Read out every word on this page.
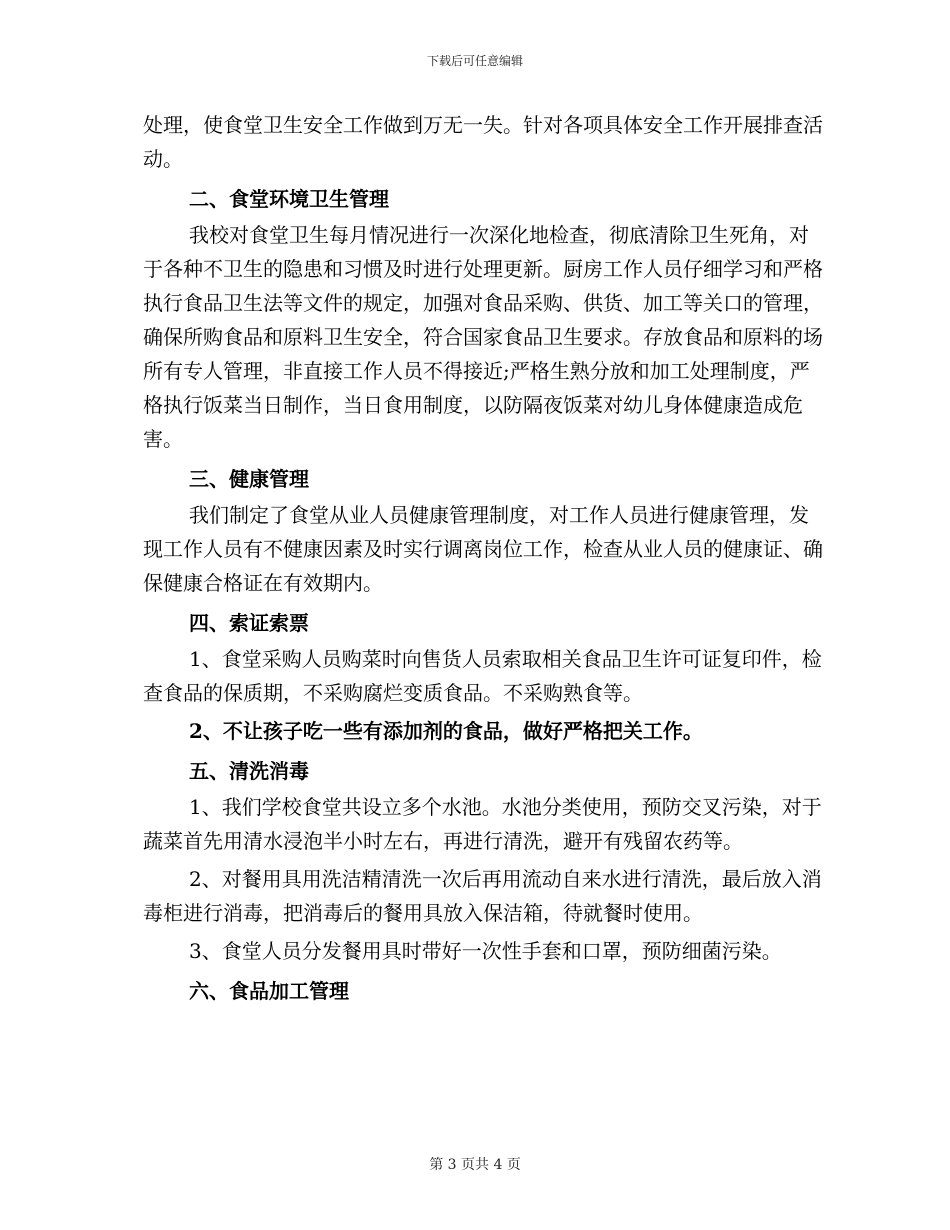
下载后可任意编辑

处理，使食堂卫生安全工作做到万无一失。针对各项具体安全工作开展排查活动。

二、食堂环境卫生管理

我校对食堂卫生每月情况进行一次深化地检查，彻底清除卫生死角，对于各种不卫生的隐患和习惯及时进行处理更新。厨房工作人员仔细学习和严格执行食品卫生法等文件的规定，加强对食品采购、供货、加工等关口的管理，确保所购食品和原料卫生安全，符合国家食品卫生要求。存放食品和原料的场所有专人管理，非直接工作人员不得接近;严格生熟分放和加工处理制度，严格执行饭菜当日制作，当日食用制度，以防隔夜饭菜对幼儿身体健康造成危害。

三、健康管理

我们制定了食堂从业人员健康管理制度，对工作人员进行健康管理，发现工作人员有不健康因素及时实行调离岗位工作，检查从业人员的健康证、确保健康合格证在有效期内。

四、索证索票

1、食堂采购人员购菜时向售货人员索取相关食品卫生许可证复印件，检查食品的保质期，不采购腐烂变质食品。不采购熟食等。

2、不让孩子吃一些有添加剂的食品，做好严格把关工作。

五、清洗消毒

1、我们学校食堂共设立多个水池。水池分类使用，预防交叉污染，对于蔬菜首先用清水浸泡半小时左右，再进行清洗，避开有残留农药等。

2、对餐用具用洗洁精清洗一次后再用流动自来水进行清洗，最后放入消毒柜进行消毒，把消毒后的餐用具放入保洁箱，待就餐时使用。

3、食堂人员分发餐用具时带好一次性手套和口罩，预防细菌污染。

六、食品加工管理
第 3 页共 4 页
